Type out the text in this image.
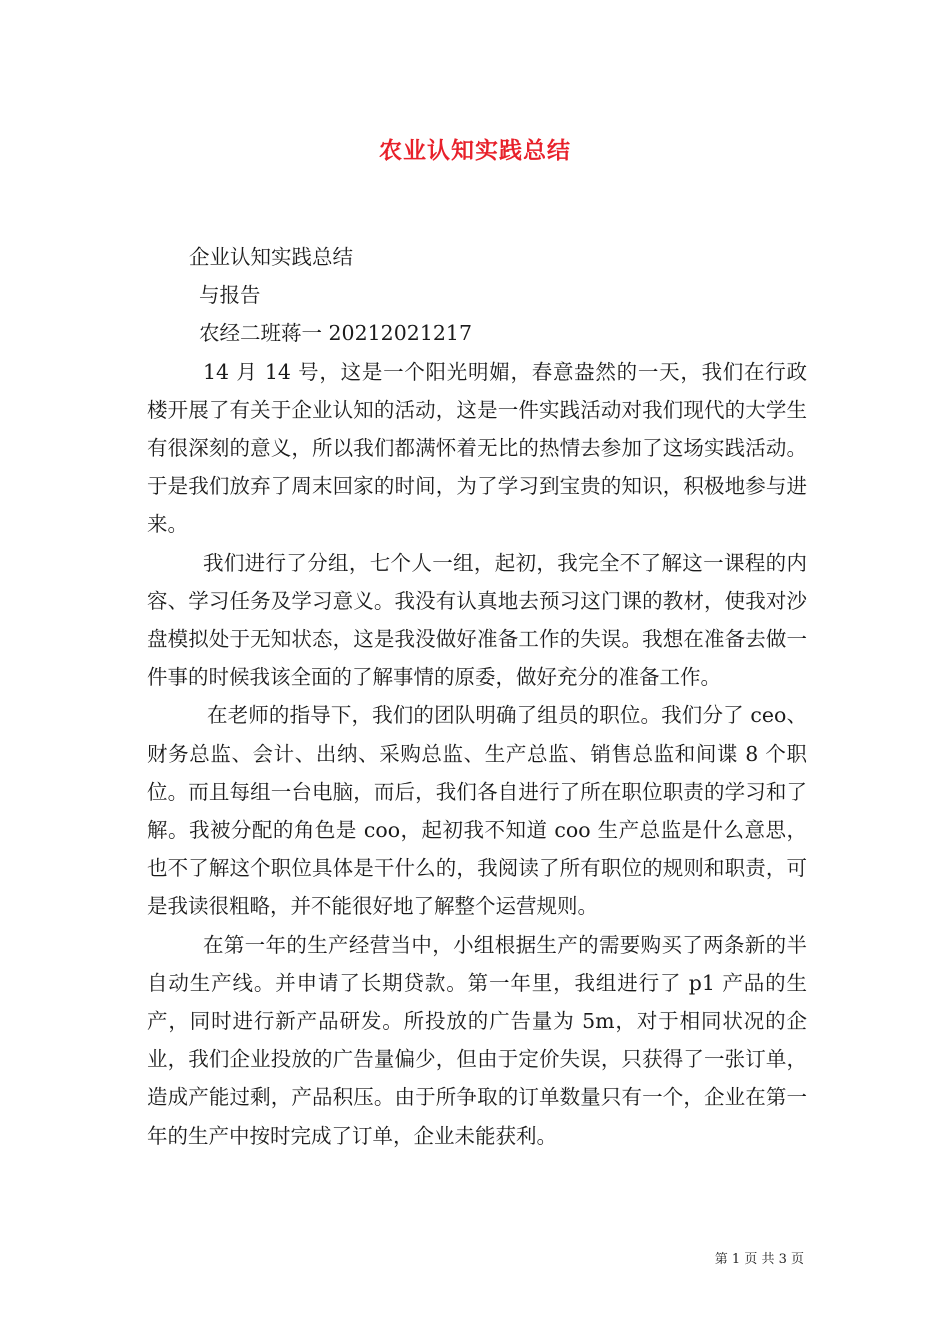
农业认知实践总结

企业认知实践总结

与报告

农经二班蒋一 20212021217

14 月 14 号，这是一个阳光明媚，春意盎然的一天，我们在行政楼开展了有关于企业认知的活动，这是一件实践活动对我们现代的大学生有很深刻的意义，所以我们都满怀着无比的热情去参加了这场实践活动。于是我们放弃了周末回家的时间，为了学习到宝贵的知识，积极地参与进来。

我们进行了分组，七个人一组，起初，我完全不了解这一课程的内容、学习任务及学习意义。我没有认真地去预习这门课的教材，使我对沙盘模拟处于无知状态，这是我没做好准备工作的失误。我想在准备去做一件事的时候我该全面的了解事情的原委，做好充分的准备工作。

在老师的指导下，我们的团队明确了组员的职位。我们分了 ceo、财务总监、会计、出纳、采购总监、生产总监、销售总监和间谍 8 个职位。而且每组一台电脑，而后，我们各自进行了所在职位职责的学习和了解。我被分配的角色是 coo，起初我不知道 coo 生产总监是什么意思，也不了解这个职位具体是干什么的，我阅读了所有职位的规则和职责，可是我读很粗略，并不能很好地了解整个运营规则。

在第一年的生产经营当中，小组根据生产的需要购买了两条新的半自动生产线。并申请了长期贷款。第一年里，我组进行了 p1 产品的生产，同时进行新产品研发。所投放的广告量为 5m，对于相同状况的企业，我们企业投放的广告量偏少，但由于定价失误，只获得了一张订单，造成产能过剩，产品积压。由于所争取的订单数量只有一个，企业在第一年的生产中按时完成了订单，企业未能获利。

第 1 页 共 3 页
